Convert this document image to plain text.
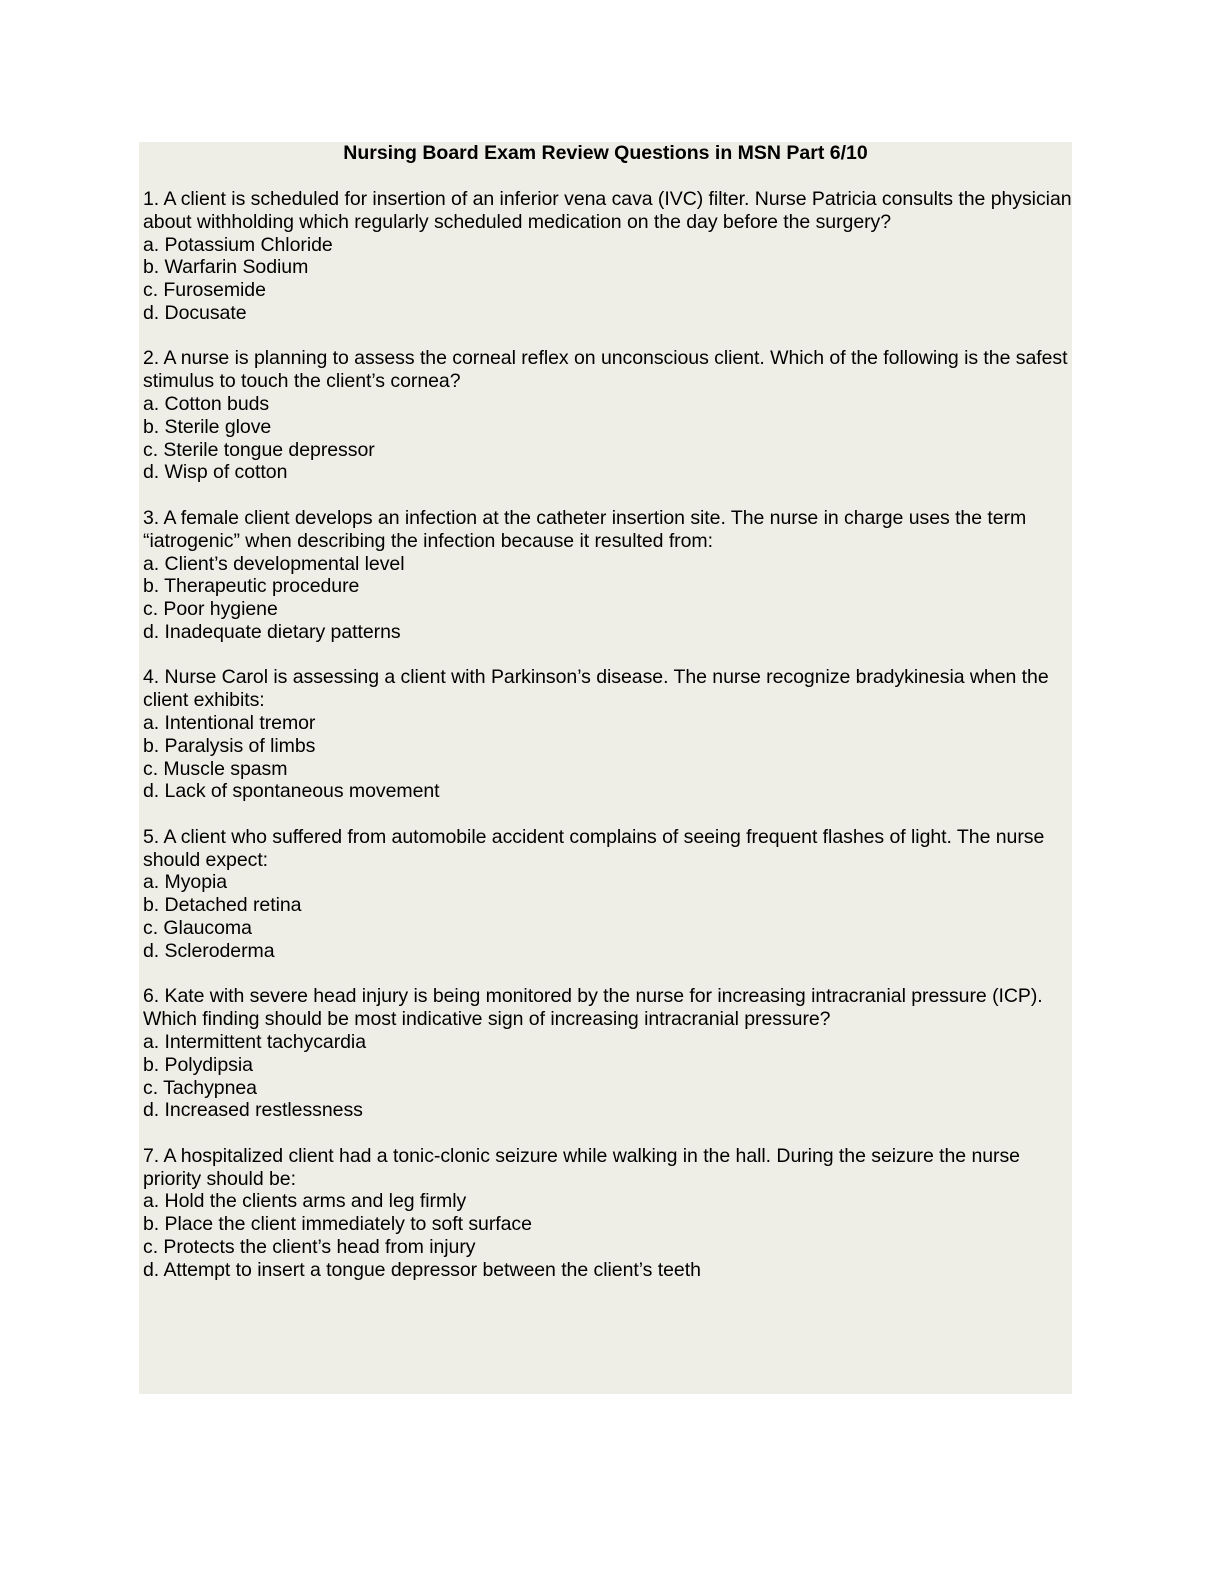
Nursing Board Exam Review Questions in MSN Part 6/10

1. A client is scheduled for insertion of an inferior vena cava (IVC) filter. Nurse Patricia consults the physician about withholding which regularly scheduled medication on the day before the surgery?

a. Potassium Chloride
b. Warfarin Sodium
c. Furosemide
d. Docusate

2. A nurse is planning to assess the corneal reflex on unconscious client. Which of the following is the safest stimulus to touch the client’s cornea?

a. Cotton buds
b. Sterile glove
c. Sterile tongue depressor
d. Wisp of cotton

3. A female client develops an infection at the catheter insertion site. The nurse in charge uses the term “iatrogenic” when describing the infection because it resulted from:

a. Client’s developmental level
b. Therapeutic procedure
c. Poor hygiene
d. Inadequate dietary patterns

4. Nurse Carol is assessing a client with Parkinson’s disease. The nurse recognize bradykinesia when the client exhibits:

a. Intentional tremor
b. Paralysis of limbs
c. Muscle spasm
d. Lack of spontaneous movement

5. A client who suffered from automobile accident complains of seeing frequent flashes of light. The nurse should expect:

a. Myopia
b. Detached retina
c. Glaucoma
d. Scleroderma

6. Kate with severe head injury is being monitored by the nurse for increasing intracranial pressure (ICP). Which finding should be most indicative sign of increasing intracranial pressure?

a. Intermittent tachycardia
b. Polydipsia
c. Tachypnea
d. Increased restlessness

7. A hospitalized client had a tonic-clonic seizure while walking in the hall. During the seizure the nurse priority should be:

a. Hold the clients arms and leg firmly
b. Place the client immediately to soft surface
c. Protects the client’s head from injury
d. Attempt to insert a tongue depressor between the client’s teeth
